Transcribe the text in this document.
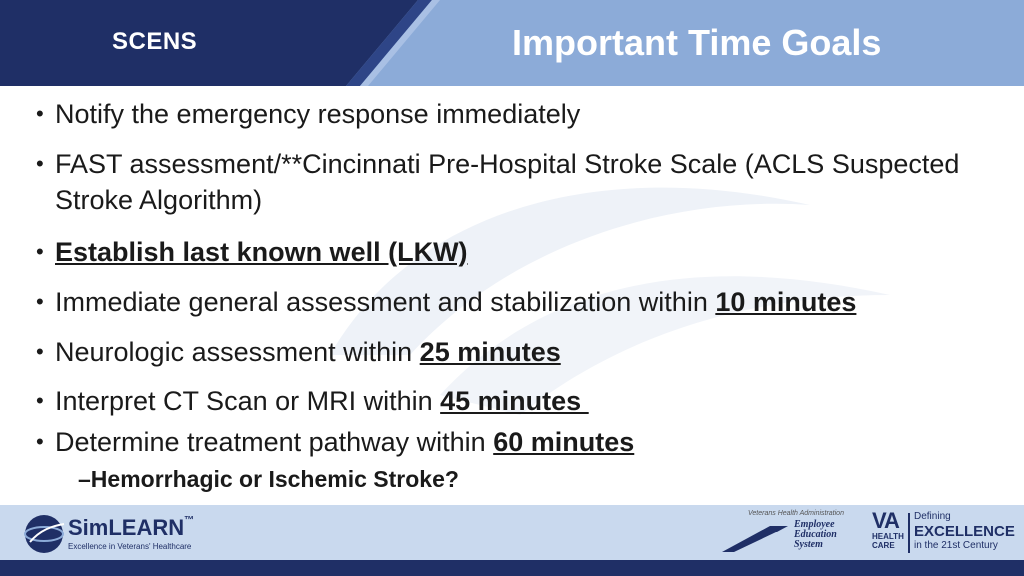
SCENS	Important Time Goals
• Notify the emergency response immediately
• FAST assessment/**Cincinnati Pre-Hospital Stroke Scale (ACLS Suspected Stroke Algorithm)
• Establish last known well (LKW)
• Immediate general assessment and stabilization within 10 minutes
• Neurologic assessment within 25 minutes
• Interpret CT Scan or MRI within 45 minutes
• Determine treatment pathway within 60 minutes
–Hemorrhagic or Ischemic Stroke?
SimLEARN™
Excellence in Veterans' Healthcare
Veterans Health Administration
Employee
Education
System
VA
HEALTH
CARE
Defining
EXCELLENCE
in the 21st Century
